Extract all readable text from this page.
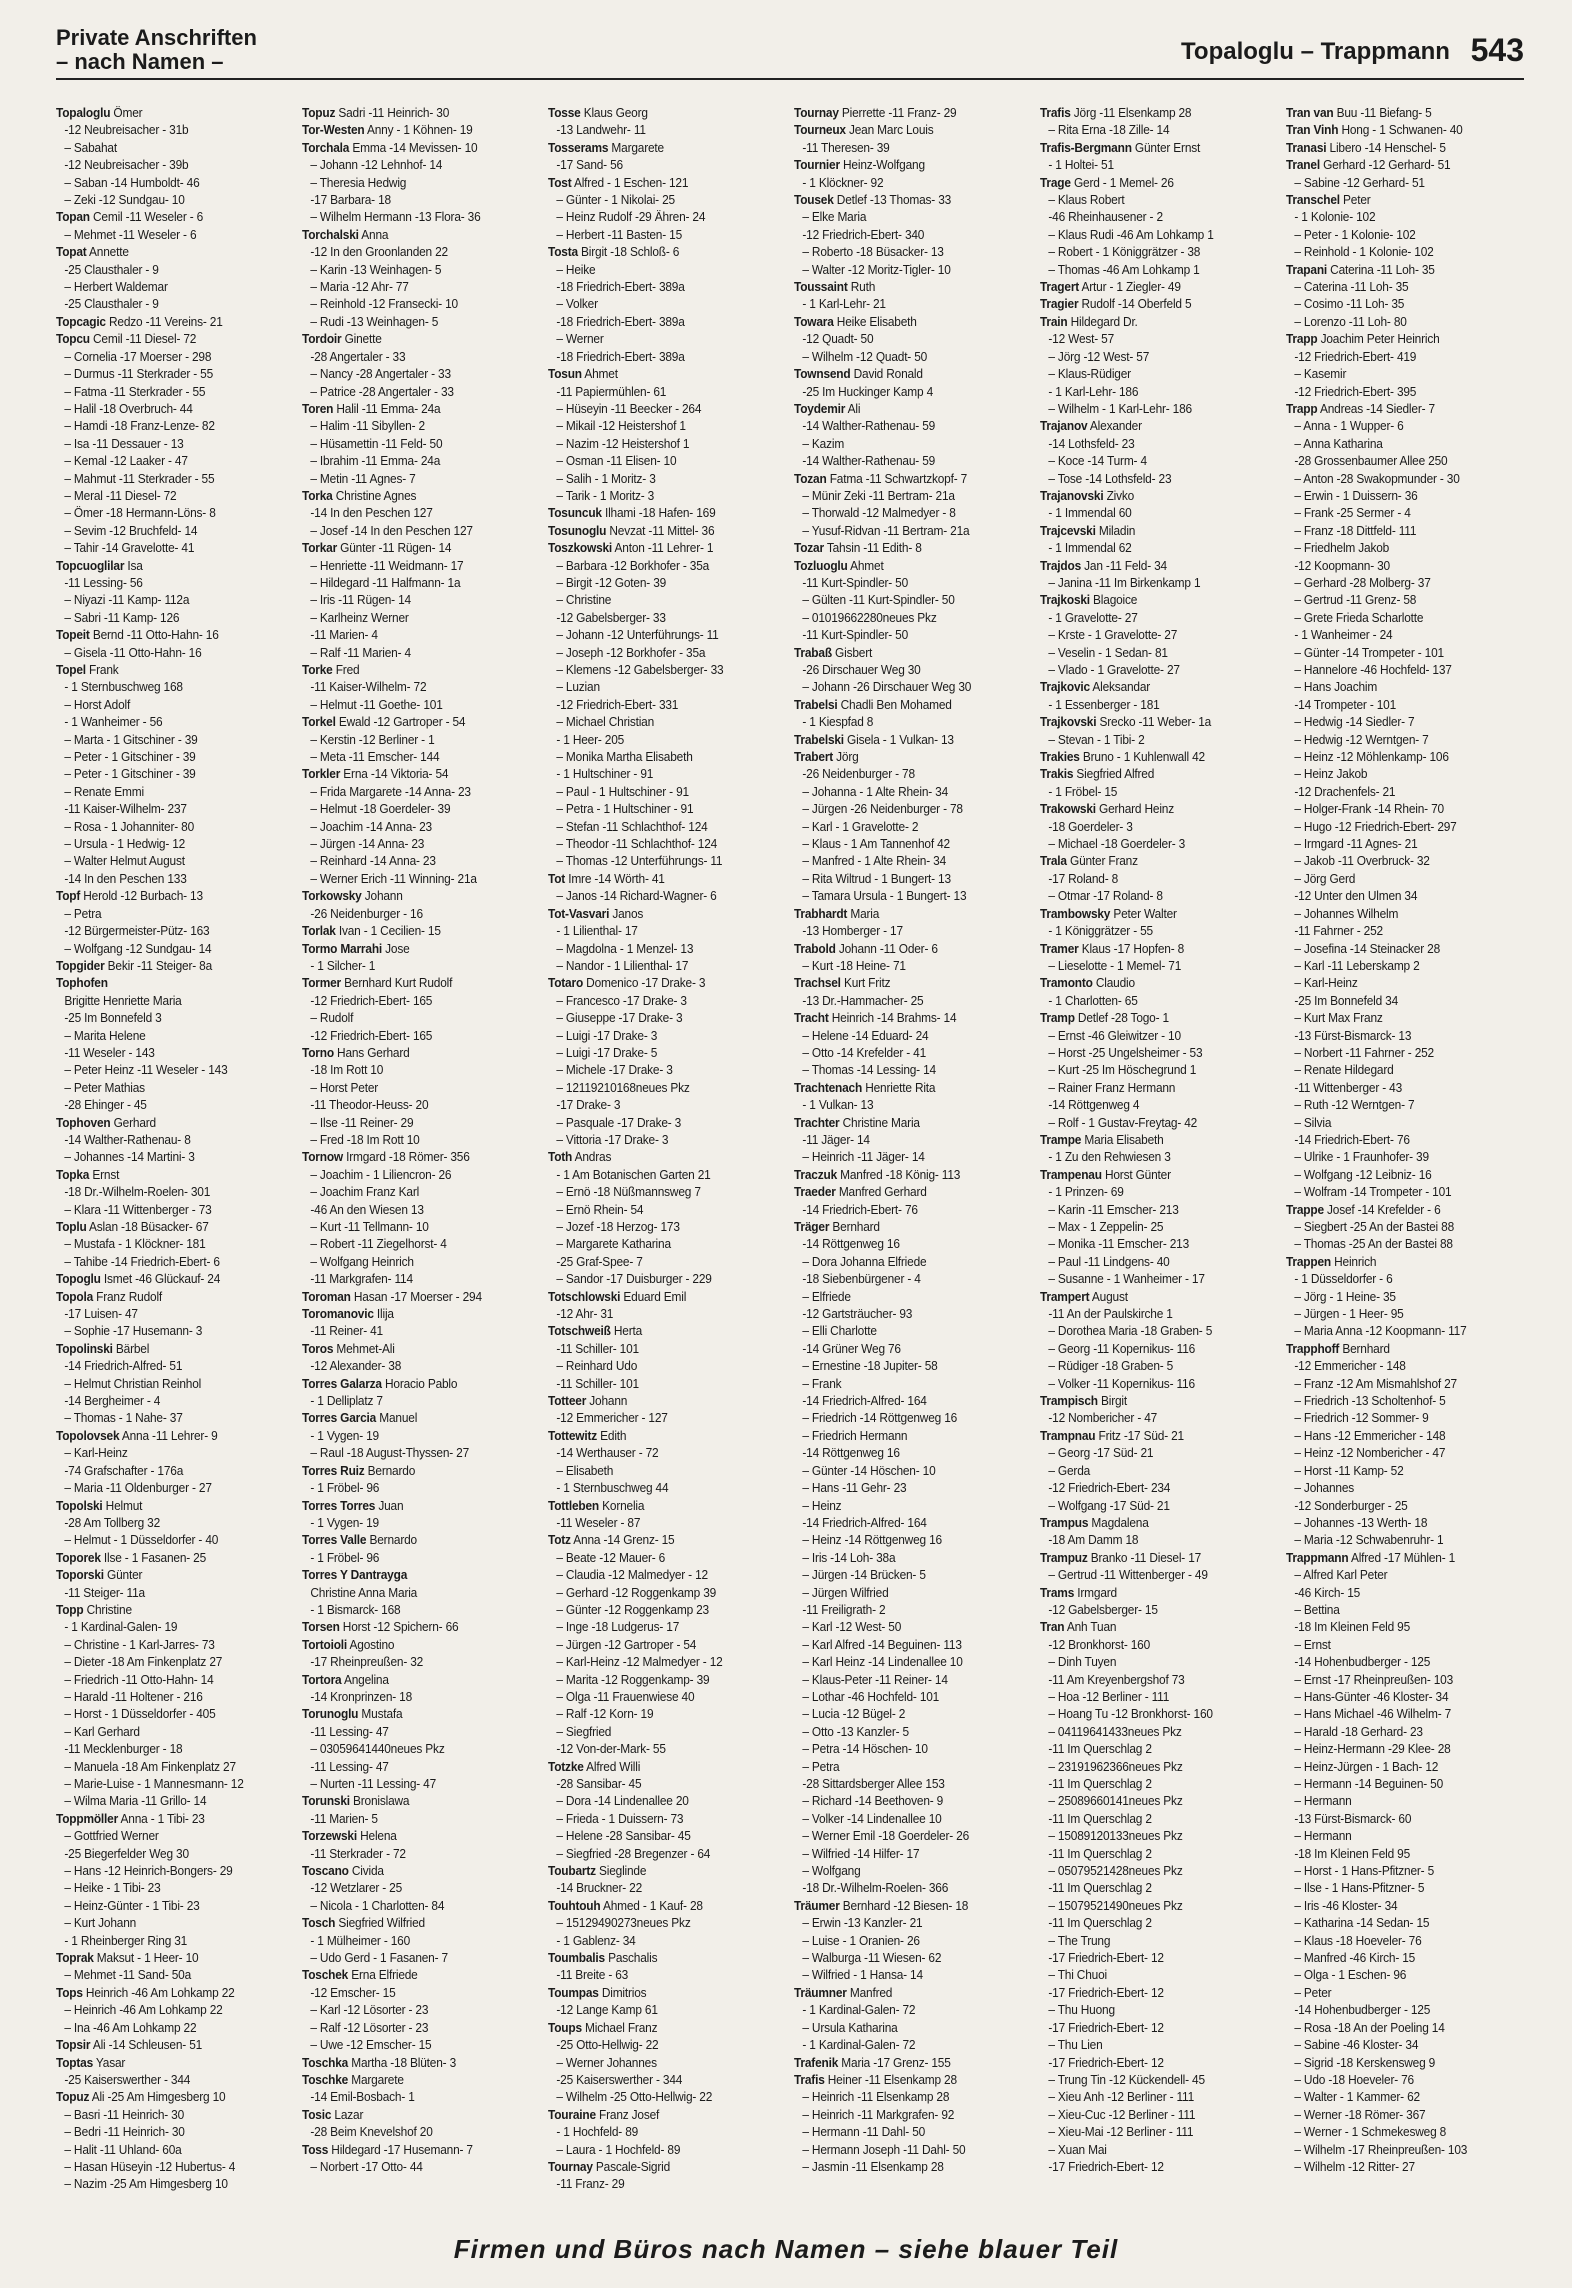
Private Anschriften
– nach Namen –	Topaloglu – Trappmann 543
Topaloglu Ömer
-12 Neubreisacher - 31b
– Sabahat
-12 Neubreisacher - 39b
– Saban -14 Humboldt- 46
– Zeki -12 Sundgau- 10
Topan Cemil -11 Weseler - 6
– Mehmet -11 Weseler - 6
Topat Annette
-25 Clausthaler - 9
– Herbert Waldemar
-25 Clausthaler - 9
Topcagic Redzo -11 Vereins- 21
Topcu Cemil -11 Diesel- 72
– Cornelia -17 Moerser - 298
– Durmus -11 Sterkrader - 55
– Fatma -11 Sterkrader - 55
– Halil -18 Overbruch- 44
– Hamdi -18 Franz-Lenze- 82
– Isa -11 Dessauer - 13
– Kemal -12 Laaker - 47
– Mahmut -11 Sterkrader - 55
– Meral -11 Diesel- 72
– Ömer -18 Hermann-Löns- 8
– Sevim -12 Bruchfeld- 14
– Tahir -14 Gravelotte- 41
Topcuoglilar Isa
-11 Lessing- 56
– Niyazi -11 Kamp- 112a
– Sabri -11 Kamp- 126
Topeit Bernd -11 Otto-Hahn- 16
– Gisela -11 Otto-Hahn- 16
Topel Frank
- 1 Sternbuschweg 168
– Horst Adolf
- 1 Wanheimer - 56
– Marta - 1 Gitschiner - 39
– Peter - 1 Gitschiner - 39
– Peter - 1 Gitschiner - 39
– Renate Emmi
-11 Kaiser-Wilhelm- 237
– Rosa - 1 Johanniter- 80
– Ursula - 1 Hedwig- 12
– Walter Helmut August
-14 In den Peschen 133
Topf Herold -12 Burbach- 13
– Petra
-12 Bürgermeister-Pütz- 163
– Wolfgang -12 Sundgau- 14
Topgider Bekir -11 Steiger- 8a
Tophofen
Brigitte Henriette Maria
-25 Im Bonnefeld 3
– Marita Helene
-11 Weseler - 143
– Peter Heinz -11 Weseler - 143
– Peter Mathias
-28 Ehinger - 45
Tophoven Gerhard
-14 Walther-Rathenau- 8
– Johannes -14 Martini- 3
Topka Ernst
-18 Dr.-Wilhelm-Roelen- 301
– Klara -11 Wittenberger - 73
Toplu Aslan -18 Büsacker- 67
– Mustafa - 1 Klöckner- 181
– Tahibe -14 Friedrich-Ebert- 6
Topoglu Ismet -46 Glückauf- 24
Topola Franz Rudolf
-17 Luisen- 47
– Sophie -17 Husemann- 3
Topolinski Bärbel
-14 Friedrich-Alfred- 51
– Helmut Christian Reinhol
-14 Bergheimer - 4
– Thomas - 1 Nahe- 37
Topolovsek Anna -11 Lehrer- 9
– Karl-Heinz
-74 Grafschafter - 176a
– Maria -11 Oldenburger - 27
Topolski Helmut
-28 Am Tollberg 32
– Helmut - 1 Düsseldorfer - 40
Toporek Ilse - 1 Fasanen- 25
Toporski Günter
-11 Steiger- 11a
Topp Christine
- 1 Kardinal-Galen- 19
– Christine - 1 Karl-Jarres- 73
– Dieter -18 Am Finkenplatz 27
– Friedrich -11 Otto-Hahn- 14
– Harald -11 Holtener - 216
– Horst - 1 Düsseldorfer - 405
– Karl Gerhard
-11 Mecklenburger - 18
– Manuela -18 Am Finkenplatz 27
– Marie-Luise - 1 Mannesmann- 12
– Wilma Maria -11 Grillo- 14
Toppmöller Anna - 1 Tibi- 23
– Gottfried Werner
-25 Biegerfelder Weg 30
– Hans -12 Heinrich-Bongers- 29
– Heike - 1 Tibi- 23
– Heinz-Günter - 1 Tibi- 23
– Kurt Johann
- 1 Rheinberger Ring 31
Toprak Maksut - 1 Heer- 10
– Mehmet -11 Sand- 50a
Tops Heinrich -46 Am Lohkamp 22
– Heinrich -46 Am Lohkamp 22
– Ina -46 Am Lohkamp 22
Topsir Ali -14 Schleusen- 51
Toptas Yasar
-25 Kaiserswerther - 344
Topuz Ali -25 Am Himgesberg 10
– Basri -11 Heinrich- 30
– Bedri -11 Heinrich- 30
– Halit -11 Uhland- 60a
– Hasan Hüseyin -12 Hubertus- 4
– Nazim -25 Am Himgesberg 10
Topuz Sadri -11 Heinrich- 30
Tor-Westen Anny - 1 Köhnen- 19
Torchala Emma -14 Mevissen- 10
– Johann -12 Lehnhof- 14
– Theresia Hedwig
-17 Barbara- 18
– Wilhelm Hermann -13 Flora- 36
Torchalski Anna
-12 In den Groonlanden 22
– Karin -13 Weinhagen- 5
– Maria -12 Ahr- 77
– Reinhold -12 Fransecki- 10
– Rudi -13 Weinhagen- 5
Tordoir Ginette
-28 Angertaler - 33
– Nancy -28 Angertaler - 33
– Patrice -28 Angertaler - 33
Toren Halil -11 Emma- 24a
– Halim -11 Sibyllen- 2
– Hüsamettin -11 Feld- 50
– Ibrahim -11 Emma- 24a
– Metin -11 Agnes- 7
Torka Christine Agnes
-14 In den Peschen 127
– Josef -14 In den Peschen 127
Torkar Günter -11 Rügen- 14
– Henriette -11 Weidmann- 17
– Hildegard -11 Halfmann- 1a
– Iris -11 Rügen- 14
– Karlheinz Werner
-11 Marien- 4
– Ralf -11 Marien- 4
Torke Fred
-11 Kaiser-Wilhelm- 72
– Helmut -11 Goethe- 101
Torkel Ewald -12 Gartroper - 54
– Kerstin -12 Berliner - 1
– Meta -11 Emscher- 144
Torkler Erna -14 Viktoria- 54
– Frida Margarete -14 Anna- 23
– Helmut -18 Goerdeler- 39
– Joachim -14 Anna- 23
– Jürgen -14 Anna- 23
– Reinhard -14 Anna- 23
– Werner Erich -11 Winning- 21a
Torkowsky Johann
-26 Neidenburger - 16
Torlak Ivan - 1 Cecilien- 15
Tormo Marrahi Jose
- 1 Silcher- 1
Tormer Bernhard Kurt Rudolf
-12 Friedrich-Ebert- 165
– Rudolf
-12 Friedrich-Ebert- 165
Torno Hans Gerhard
-18 Im Rott 10
– Horst Peter
-11 Theodor-Heuss- 20
– Ilse -11 Reiner- 29
– Fred -18 Im Rott 10
Tornow Irmgard -18 Römer- 356
– Joachim - 1 Liliencron- 26
– Joachim Franz Karl
-46 An den Wiesen 13
– Kurt -11 Tellmann- 10
– Robert -11 Ziegelhorst- 4
– Wolfgang Heinrich
-11 Markgrafen- 114
Toroman Hasan -17 Moerser - 294
Toromanovic Ilija
-11 Reiner- 41
Toros Mehmet-Ali
-12 Alexander- 38
Torres Galarza Horacio Pablo
- 1 Delliplatz 7
Torres Garcia Manuel
- 1 Vygen- 19
– Raul -18 August-Thyssen- 27
Torres Ruiz Bernardo
- 1 Fröbel- 96
Torres Torres Juan
- 1 Vygen- 19
Torres Valle Bernardo
- 1 Fröbel- 96
Torres Y Dantrayga
Christine Anna Maria
- 1 Bismarck- 168
Torsen Horst -12 Spichern- 66
Tortoioli Agostino
-17 Rheinpreußen- 32
Tortora Angelina
-14 Kronprinzen- 18
Torunoglu Mustafa
-11 Lessing- 47
– 03059641440neues Pkz
-11 Lessing- 47
– Nurten -11 Lessing- 47
Torunski Bronislawa
-11 Marien- 5
Torzewski Helena
-11 Sterkrader - 72
Toscano Civida
-12 Wetzlarer - 25
– Nicola - 1 Charlotten- 84
Tosch Siegfried Wilfried
- 1 Mülheimer - 160
– Udo Gerd - 1 Fasanen- 7
Toschek Erna Elfriede
-12 Emscher- 15
– Karl -12 Lösorter - 23
– Ralf -12 Lösorter - 23
– Uwe -12 Emscher- 15
Toschka Martha -18 Blüten- 3
Toschke Margarete
-14 Emil-Bosbach- 1
Tosic Lazar
-28 Beim Knevelshof 20
Toss Hildegard -17 Husemann- 7
– Norbert -17 Otto- 44
Tosse Klaus Georg
-13 Landwehr- 11
Tosserams Margarete
-17 Sand- 56
Tost Alfred - 1 Eschen- 121
– Günter - 1 Nikolai- 25
– Heinz Rudolf -29 Ähren- 24
– Herbert -11 Basten- 15
Tosta Birgit -18 Schloß- 6
– Heike
-18 Friedrich-Ebert- 389a
– Volker
-18 Friedrich-Ebert- 389a
– Werner
-18 Friedrich-Ebert- 389a
Tosun Ahmet
-11 Papiermühlen- 61
– Hüseyin -11 Beecker - 264
– Mikail -12 Heistershof 1
– Nazim -12 Heistershof 1
– Osman -11 Elisen- 10
– Salih - 1 Moritz- 3
– Tarik - 1 Moritz- 3
Tosuncuk Ilhami -18 Hafen- 169
Tosunoglu Nevzat -11 Mittel- 36
Toszkowski Anton -11 Lehrer- 1
– Barbara -12 Borkhofer - 35a
– Birgit -12 Goten- 39
– Christine
-12 Gabelsberger- 33
– Johann -12 Unterführungs- 11
– Joseph -12 Borkhofer - 35a
– Klemens -12 Gabelsberger- 33
– Luzian
-12 Friedrich-Ebert- 331
– Michael Christian
- 1 Heer- 205
– Monika Martha Elisabeth
- 1 Hultschiner - 91
– Paul - 1 Hultschiner - 91
– Petra - 1 Hultschiner - 91
– Stefan -11 Schlachthof- 124
– Theodor -11 Schlachthof- 124
– Thomas -12 Unterführungs- 11
Tot Imre -14 Wörth- 41
– Janos -14 Richard-Wagner- 6
Tot-Vasvari Janos
- 1 Lilienthal- 17
– Magdolna - 1 Menzel- 13
– Nandor - 1 Lilienthal- 17
Totaro Domenico -17 Drake- 3
– Francesco -17 Drake- 3
– Giuseppe -17 Drake- 3
– Luigi -17 Drake- 3
– Luigi -17 Drake- 5
– Michele -17 Drake- 3
– 12119210168neues Pkz
-17 Drake- 3
– Pasquale -17 Drake- 3
– Vittoria -17 Drake- 3
Toth Andras
- 1 Am Botanischen Garten 21
– Ernö -18 Nüßmannsweg 7
– Ernö Rhein- 54
– Jozef -18 Herzog- 173
– Margarete Katharina
-25 Graf-Spee- 7
– Sandor -17 Duisburger - 229
Totschlowski Eduard Emil
-12 Ahr- 31
Totschweiß Herta
-11 Schiller- 101
– Reinhard Udo
-11 Schiller- 101
Totteer Johann
-12 Emmericher - 127
Tottewitz Edith
-14 Werthauser - 72
– Elisabeth
- 1 Sternbuschweg 44
Tottleben Kornelia
-11 Weseler - 87
Totz Anna -14 Grenz- 15
– Beate -12 Mauer- 6
– Claudia -12 Malmedyer - 12
– Gerhard -12 Roggenkamp 39
– Günter -12 Roggenkamp 23
– Inge -18 Ludgerus- 17
– Jürgen -12 Gartroper - 54
– Karl-Heinz -12 Malmedyer - 12
– Marita -12 Roggenkamp- 39
– Olga -11 Frauenwiese 40
– Ralf -12 Korn- 19
– Siegfried
-12 Von-der-Mark- 55
Totzke Alfred Willi
-28 Sansibar- 45
– Dora -14 Lindenallee 20
– Frieda - 1 Duissern- 73
– Helene -28 Sansibar- 45
– Siegfried -28 Bregenzer - 64
Toubartz Sieglinde
-14 Bruckner- 22
Touhtouh Ahmed - 1 Kauf- 28
– 15129490273neues Pkz
- 1 Gablenz- 34
Toumbalis Paschalis
-11 Breite - 63
Toumpas Dimitrios
-12 Lange Kamp 61
Toups Michael Franz
-25 Otto-Hellwig- 22
– Werner Johannes
-25 Kaiserswerther - 344
– Wilhelm -25 Otto-Hellwig- 22
Touraine Franz Josef
- 1 Hochfeld- 89
– Laura - 1 Hochfeld- 89
Tournay Pascale-Sigrid
-11 Franz- 29
Tournay Pierrette -11 Franz- 29
Tourneux Jean Marc Louis
-11 Theresen- 39
Tournier Heinz-Wolfgang
- 1 Klöckner- 92
Tousek Detlef -13 Thomas- 33
– Elke Maria
-12 Friedrich-Ebert- 340
– Roberto -18 Büsacker- 13
– Walter -12 Moritz-Tigler- 10
Toussaint Ruth
- 1 Karl-Lehr- 21
Towara Heike Elisabeth
-12 Quadt- 50
– Wilhelm -12 Quadt- 50
Townsend David Ronald
-25 Im Huckinger Kamp 4
Toydemir Ali
-14 Walther-Rathenau- 59
– Kazim
-14 Walther-Rathenau- 59
Tozan Fatma -11 Schwartzkopf- 7
– Münir Zeki -11 Bertram- 21a
– Thorwald -12 Malmedyer - 8
– Yusuf-Ridvan -11 Bertram- 21a
Tozar Tahsin -11 Edith- 8
Tozluoglu Ahmet
-11 Kurt-Spindler- 50
– Gülten -11 Kurt-Spindler- 50
– 01019662280neues Pkz
-11 Kurt-Spindler- 50
Trabaß Gisbert
-26 Dirschauer Weg 30
– Johann -26 Dirschauer Weg 30
Trabelsi Chadli Ben Mohamed
- 1 Kiespfad 8
Trabelski Gisela - 1 Vulkan- 13
Trabert Jörg
-26 Neidenburger - 78
– Johanna - 1 Alte Rhein- 34
– Jürgen -26 Neidenburger - 78
– Karl - 1 Gravelotte- 2
– Klaus - 1 Am Tannenhof 42
– Manfred - 1 Alte Rhein- 34
– Rita Wiltrud - 1 Bungert- 13
– Tamara Ursula - 1 Bungert- 13
Trabhardt Maria
-13 Homberger - 17
Trabold Johann -11 Oder- 6
– Kurt -18 Heine- 71
Trachsel Kurt Fritz
-13 Dr.-Hammacher- 25
Tracht Heinrich -14 Brahms- 14
– Helene -14 Eduard- 24
– Otto -14 Krefelder - 41
– Thomas -14 Lessing- 14
Trachtenach Henriette Rita
- 1 Vulkan- 13
Trachter Christine Maria
-11 Jäger- 14
– Heinrich -11 Jäger- 14
Traczuk Manfred -18 König- 113
Traeder Manfred Gerhard
-14 Friedrich-Ebert- 76
Träger Bernhard
-14 Röttgenweg 16
– Dora Johanna Elfriede
-18 Siebenbürgener - 4
– Elfriede
-12 Gartsträucher- 93
– Elli Charlotte
-14 Grüner Weg 76
– Ernestine -18 Jupiter- 58
– Frank
-14 Friedrich-Alfred- 164
– Friedrich -14 Röttgenweg 16
– Friedrich Hermann
-14 Röttgenweg 16
– Günter -14 Höschen- 10
– Hans -11 Gehr- 23
– Heinz
-14 Friedrich-Alfred- 164
– Heinz -14 Röttgenweg 16
– Iris -14 Loh- 38a
– Jürgen -14 Brücken- 5
– Jürgen Wilfried
-11 Freiligrath- 2
– Karl -12 West- 50
– Karl Alfred -14 Beguinen- 113
– Karl Heinz -14 Lindenallee 10
– Klaus-Peter -11 Reiner- 14
– Lothar -46 Hochfeld- 101
– Lucia -12 Bügel- 2
– Otto -13 Kanzler- 5
– Petra -14 Höschen- 10
– Petra
-28 Sittardsberger Allee 153
– Richard -14 Beethoven- 9
– Volker -14 Lindenallee 10
– Werner Emil -18 Goerdeler- 26
– Wilfried -14 Hilfer- 17
– Wolfgang
-18 Dr.-Wilhelm-Roelen- 366
Träumer Bernhard -12 Biesen- 18
– Erwin -13 Kanzler- 21
– Luise - 1 Oranien- 26
– Walburga -11 Wiesen- 62
– Wilfried - 1 Hansa- 14
Träumner Manfred
- 1 Kardinal-Galen- 72
– Ursula Katharina
- 1 Kardinal-Galen- 72
Trafenik Maria -17 Grenz- 155
Trafis Heiner -11 Elsenkamp 28
– Heinrich -11 Elsenkamp 28
– Heinrich -11 Markgrafen- 92
– Hermann -11 Dahl- 50
– Hermann Joseph -11 Dahl- 50
– Jasmin -11 Elsenkamp 28
Trafis Jörg -11 Elsenkamp 28
– Rita Erna -18 Zille- 14
Trafis-Bergmann Günter Ernst
- 1 Holtei- 51
Trage Gerd - 1 Memel- 26
– Klaus Robert
-46 Rheinhausener - 2
– Klaus Rudi -46 Am Lohkamp 1
– Robert - 1 Königgrätzer - 38
– Thomas -46 Am Lohkamp 1
Tragert Artur - 1 Ziegler- 49
Tragier Rudolf -14 Oberfeld 5
Train Hildegard Dr.
-12 West- 57
– Jörg -12 West- 57
– Klaus-Rüdiger
- 1 Karl-Lehr- 186
– Wilhelm - 1 Karl-Lehr- 186
Trajanov Alexander
-14 Lothsfeld- 23
– Koce -14 Turm- 4
– Tose -14 Lothsfeld- 23
Trajanovski Zivko
- 1 Immendal 60
Trajcevski Miladin
- 1 Immendal 62
Trajdos Jan -11 Feld- 34
– Janina -11 Im Birkenkamp 1
Trajkoski Blagoice
- 1 Gravelotte- 27
– Krste - 1 Gravelotte- 27
– Veselin - 1 Sedan- 81
– Vlado - 1 Gravelotte- 27
Trajkovic Aleksandar
- 1 Essenberger - 181
Trajkovski Srecko -11 Weber- 1a
– Stevan - 1 Tibi- 2
Trakies Bruno - 1 Kuhlenwall 42
Trakis Siegfried Alfred
- 1 Fröbel- 15
Trakowski Gerhard Heinz
-18 Goerdeler- 3
– Michael -18 Goerdeler- 3
Trala Günter Franz
-17 Roland- 8
– Otmar -17 Roland- 8
Trambowsky Peter Walter
- 1 Königgrätzer - 55
Tramer Klaus -17 Hopfen- 8
– Lieselotte - 1 Memel- 71
Tramonto Claudio
- 1 Charlotten- 65
Tramp Detlef -28 Togo- 1
– Ernst -46 Gleiwitzer - 10
– Horst -25 Ungelsheimer - 53
– Kurt -25 Im Höschegrund 1
– Rainer Franz Hermann
-14 Röttgenweg 4
– Rolf - 1 Gustav-Freytag- 42
Trampe Maria Elisabeth
- 1 Zu den Rehwiesen 3
Trampenau Horst Günter
- 1 Prinzen- 69
– Karin -11 Emscher- 213
– Max - 1 Zeppelin- 25
– Monika -11 Emscher- 213
– Paul -11 Lindgens- 40
– Susanne - 1 Wanheimer - 17
Trampert August
-11 An der Paulskirche 1
– Dorothea Maria -18 Graben- 5
– Georg -11 Kopernikus- 116
– Rüdiger -18 Graben- 5
– Volker -11 Kopernikus- 116
Trampisch Birgit
-12 Nombericher - 47
Trampnau Fritz -17 Süd- 21
– Georg -17 Süd- 21
– Gerda
-12 Friedrich-Ebert- 234
– Wolfgang -17 Süd- 21
Trampus Magdalena
-18 Am Damm 18
Trampuz Branko -11 Diesel- 17
– Gertrud -11 Wittenberger - 49
Trams Irmgard
-12 Gabelsberger- 15
Tran Anh Tuan
-12 Bronkhorst- 160
– Dinh Tuyen
-11 Am Kreyenbergshof 73
– Hoa -12 Berliner - 111
– Hoang Tu -12 Bronkhorst- 160
– 04119641433neues Pkz
-11 Im Querschlag 2
– 23191962366neues Pkz
-11 Im Querschlag 2
– 25089660141neues Pkz
-11 Im Querschlag 2
– 15089120133neues Pkz
-11 Im Querschlag 2
– 05079521428neues Pkz
-11 Im Querschlag 2
– 15079521490neues Pkz
-11 Im Querschlag 2
– The Trung
-17 Friedrich-Ebert- 12
– Thi Chuoi
-17 Friedrich-Ebert- 12
– Thu Huong
-17 Friedrich-Ebert- 12
– Thu Lien
-17 Friedrich-Ebert- 12
– Trung Tin -12 Kückendell- 45
– Xieu Anh -12 Berliner - 111
– Xieu-Cuc -12 Berliner - 111
– Xieu-Mai -12 Berliner - 111
– Xuan Mai
-17 Friedrich-Ebert- 12
Tran van Buu -11 Biefang- 5
Tran Vinh Hong - 1 Schwanen- 40
Tranasi Libero -14 Henschel- 5
Tranel Gerhard -12 Gerhard- 51
– Sabine -12 Gerhard- 51
Transchel Peter
- 1 Kolonie- 102
– Peter - 1 Kolonie- 102
– Reinhold - 1 Kolonie- 102
Trapani Caterina -11 Loh- 35
– Caterina -11 Loh- 35
– Cosimo -11 Loh- 35
– Lorenzo -11 Loh- 80
Trapp Joachim Peter Heinrich
-12 Friedrich-Ebert- 419
– Kasemir
-12 Friedrich-Ebert- 395
Trapp Andreas -14 Siedler- 7
– Anna - 1 Wupper- 6
– Anna Katharina
-28 Grossenbaumer Allee 250
– Anton -28 Swakopmunder - 30
– Erwin - 1 Duissern- 36
– Frank -25 Sermer - 4
– Franz -18 Dittfeld- 111
– Friedhelm Jakob
-12 Koopmann- 30
– Gerhard -28 Molberg- 37
– Gertrud -11 Grenz- 58
– Grete Frieda Scharlotte
- 1 Wanheimer - 24
– Günter -14 Trompeter - 101
– Hannelore -46 Hochfeld- 137
– Hans Joachim
-14 Trompeter - 101
– Hedwig -14 Siedler- 7
– Hedwig -12 Werntgen- 7
– Heinz -12 Möhlenkamp- 106
– Heinz Jakob
-12 Drachenfels- 21
– Holger-Frank -14 Rhein- 70
– Hugo -12 Friedrich-Ebert- 297
– Irmgard -11 Agnes- 21
– Jakob -11 Overbruck- 32
– Jörg Gerd
-12 Unter den Ulmen 34
– Johannes Wilhelm
-11 Fahrner - 252
– Josefina -14 Steinacker 28
– Karl -11 Leberskamp 2
– Karl-Heinz
-25 Im Bonnefeld 34
– Kurt Max Franz
-13 Fürst-Bismarck- 13
– Norbert -11 Fahrner - 252
– Renate Hildegard
-11 Wittenberger - 43
– Ruth -12 Werntgen- 7
– Silvia
-14 Friedrich-Ebert- 76
– Ulrike - 1 Fraunhofer- 39
– Wolfgang -12 Leibniz- 16
– Wolfram -14 Trompeter - 101
Trappe Josef -14 Krefelder - 6
– Siegbert -25 An der Bastei 88
– Thomas -25 An der Bastei 88
Trappen Heinrich
- 1 Düsseldorfer - 6
– Jörg - 1 Heine- 35
– Jürgen - 1 Heer- 95
– Maria Anna -12 Koopmann- 117
Trapphoff Bernhard
-12 Emmericher - 148
– Franz -12 Am Mismahlshof 27
– Friedrich -13 Scholtenhof- 5
– Friedrich -12 Sommer- 9
– Hans -12 Emmericher - 148
– Heinz -12 Nombericher - 47
– Horst -11 Kamp- 52
– Johannes
-12 Sonderburger - 25
– Johannes -13 Werth- 18
– Maria -12 Schwabenruhr- 1
Trappmann Alfred -17 Mühlen- 1
– Alfred Karl Peter
-46 Kirch- 15
– Bettina
-18 Im Kleinen Feld 95
– Ernst
-14 Hohenbudberger - 125
– Ernst -17 Rheinpreußen- 103
– Hans-Günter -46 Kloster- 34
– Hans Michael -46 Wilhelm- 7
– Harald -18 Gerhard- 23
– Heinz-Hermann -29 Klee- 28
– Heinz-Jürgen - 1 Bach- 12
– Hermann -14 Beguinen- 50
– Hermann
-13 Fürst-Bismarck- 60
– Hermann
-18 Im Kleinen Feld 95
– Horst - 1 Hans-Pfitzner- 5
– Ilse - 1 Hans-Pfitzner- 5
– Iris -46 Kloster- 34
– Katharina -14 Sedan- 15
– Klaus -18 Hoeveler- 76
– Manfred -46 Kirch- 15
– Olga - 1 Eschen- 96
– Peter
-14 Hohenbudberger - 125
– Rosa -18 An der Poeling 14
– Sabine -46 Kloster- 34
– Sigrid -18 Kerskensweg 9
– Udo -18 Hoeveler- 76
– Walter - 1 Kammer- 62
– Werner -18 Römer- 367
– Werner - 1 Schmekesweg 8
– Wilhelm -17 Rheinpreußen- 103
– Wilhelm -12 Ritter- 27
Firmen und Büros nach Namen – siehe blauer Teil
